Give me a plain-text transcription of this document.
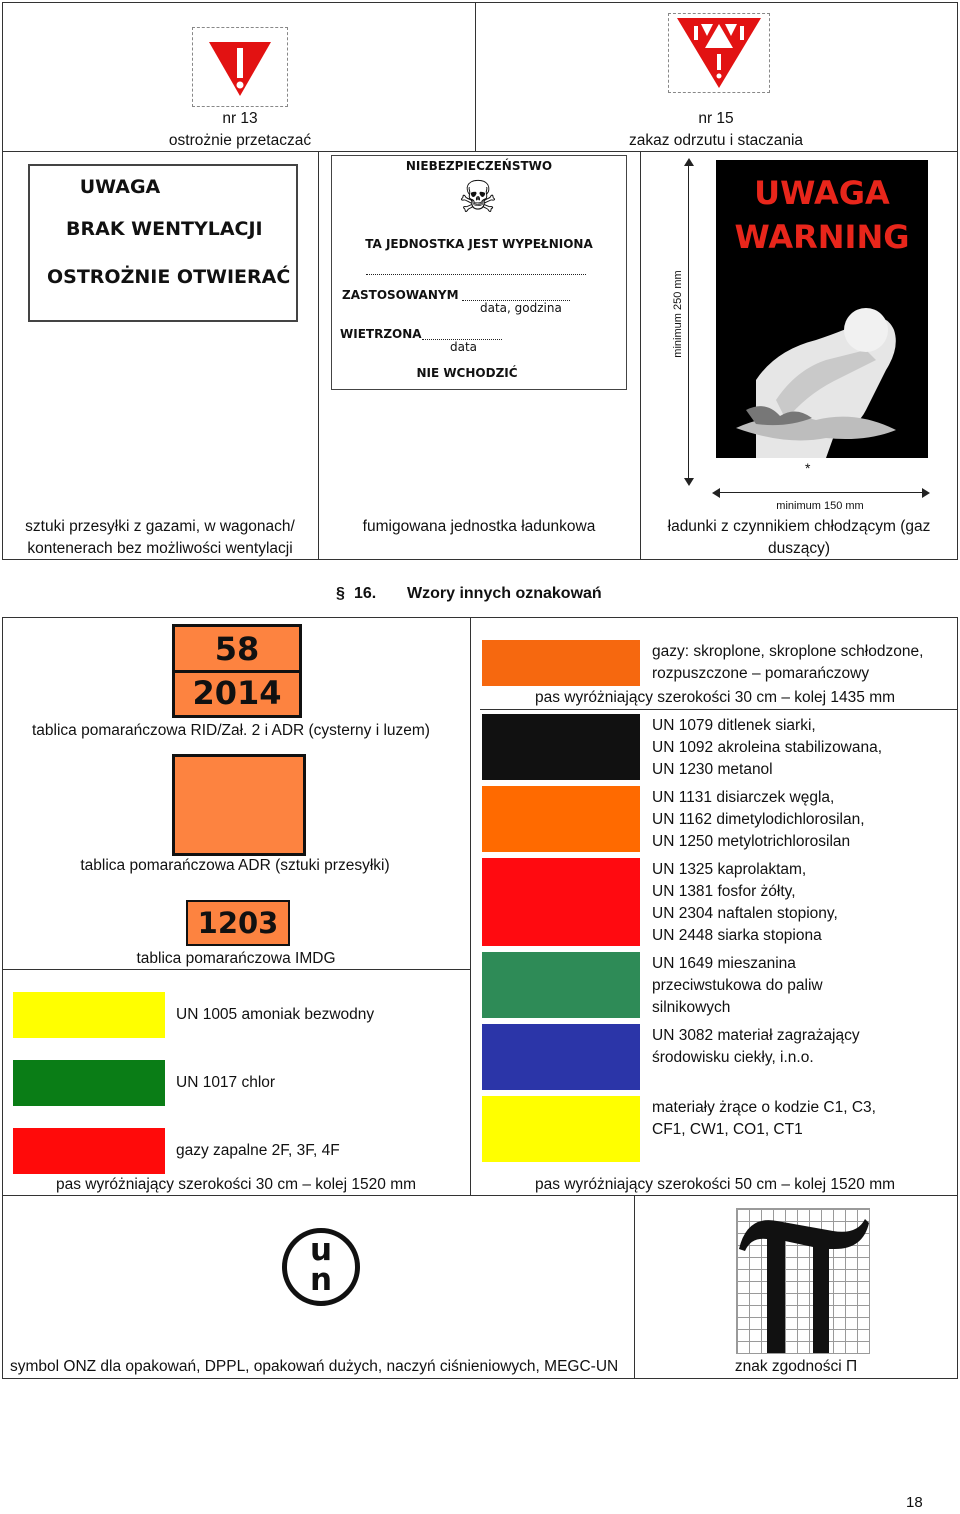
nr 13
ostrożnie przetaczać
nr 15
zakaz odrzutu i staczania
UWAGA
BRAK WENTYLACJI
OSTROŻNIE OTWIERAĆ
sztuki przesyłki z gazami, w wagonach/ kontenerach bez możliwości wentylacji
NIEBEZPIECZEŃSTWO
☠
TA JEDNOSTKA JEST WYPEŁNIONA
ZASTOSOWANYM
data, godzina
WIETRZONA
data
NIE WCHODZIĆ
fumigowana jednostka ładunkowa
minimum 250 mm
UWAGA
WARNING
*
minimum 150 mm
ładunki z czynnikiem chłodzącym (gaz duszący)
§ 16. Wzory innych oznakowań
58
2014
tablica pomarańczowa RID/Zał. 2 i ADR (cysterny i luzem)
tablica pomarańczowa ADR (sztuki przesyłki)
1203
tablica pomarańczowa IMDG
UN 1005 amoniak bezwodny
UN 1017 chlor
gazy zapalne 2F, 3F, 4F
pas wyróżniający szerokości 30 cm – kolej 1520 mm
gazy: skroplone, skroplone schłodzone,
rozpuszczone – pomarańczowy
pas wyróżniający szerokości 30 cm – kolej 1435 mm
UN 1079 ditlenek siarki,
UN 1092 akroleina stabilizowana,
UN 1230 metanol
UN 1131 disiarczek węgla,
UN 1162 dimetylodichlorosilan,
UN 1250 metylotrichlorosilan
UN 1325 kaprolaktam,
UN 1381 fosfor żółty,
UN 2304 naftalen stopiony,
UN 2448 siarka stopiona
UN 1649 mieszanina
przeciwstukowa do paliw
silnikowych
UN 3082 materiał zagrażający
środowisku ciekły, i.n.o.
materiały żrące o kodzie C1, C3,
CF1, CW1, CO1, CT1
pas wyróżniający szerokości 50 cm – kolej 1520 mm
u
n
symbol ONZ dla opakowań, DPPL, opakowań dużych, naczyń ciśnieniowych, MEGC-UN	znak zgodności Π
18
